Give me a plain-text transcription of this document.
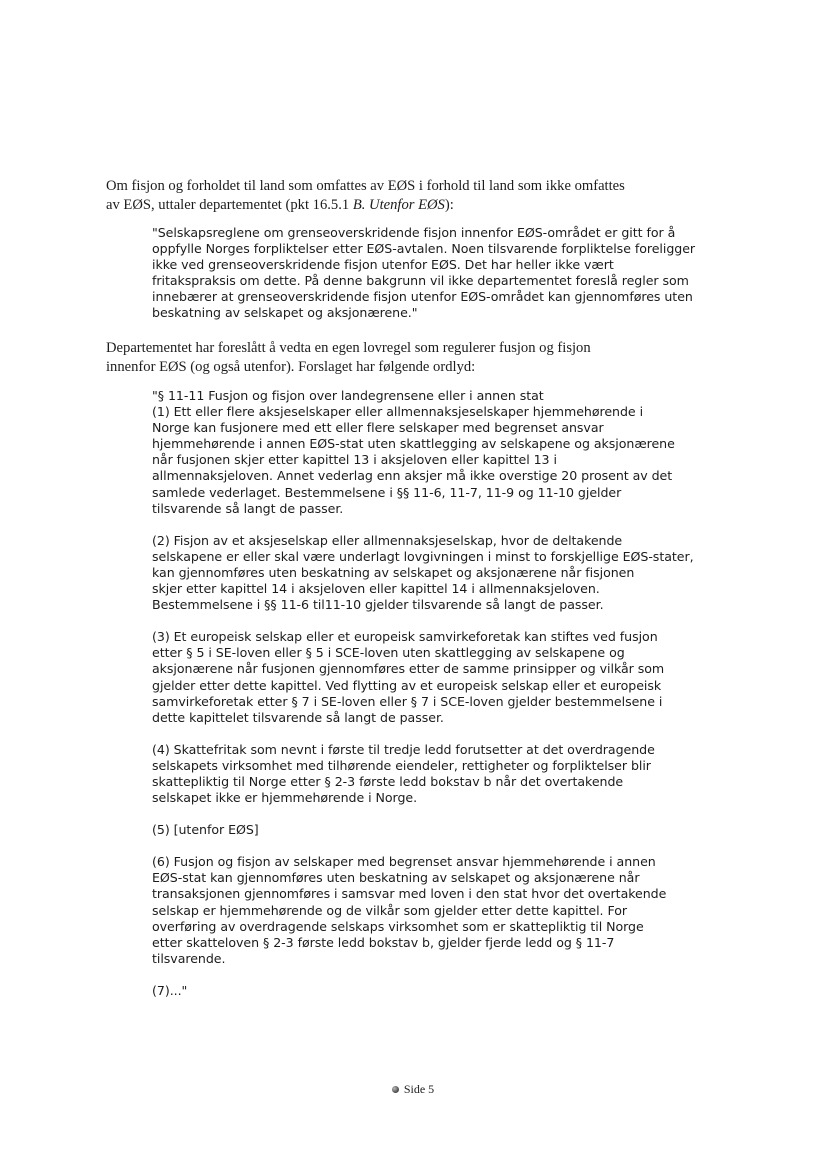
Om fisjon og forholdet til land som omfattes av EØS i forhold til land som ikke omfattes
av EØS, uttaler departementet (pkt 16.5.1 B. Utenfor EØS):

"Selskapsreglene om grenseoverskridende fisjon innenfor EØS-området er gitt for å
oppfylle Norges forpliktelser etter EØS-avtalen. Noen tilsvarende forpliktelse foreligger
ikke ved grenseoverskridende fisjon utenfor EØS. Det har heller ikke vært
fritakspraksis om dette. På denne bakgrunn vil ikke departementet foreslå regler som
innebærer at grenseoverskridende fisjon utenfor EØS-området kan gjennomføres uten
beskatning av selskapet og aksjonærene."

Departementet har foreslått å vedta en egen lovregel som regulerer fusjon og fisjon
innenfor EØS (og også utenfor). Forslaget har følgende ordlyd:

"§ 11-11 Fusjon og fisjon over landegrensene eller i annen stat

(1) Ett eller flere aksjeselskaper eller allmennaksjeselskaper hjemmehørende i
Norge kan fusjonere med ett eller flere selskaper med begrenset ansvar
hjemmehørende i annen EØS-stat uten skattlegging av selskapene og aksjonærene
når fusjonen skjer etter kapittel 13 i aksjeloven eller kapittel 13 i
allmennaksjeloven. Annet vederlag enn aksjer må ikke overstige 20 prosent av det
samlede vederlaget. Bestemmelsene i §§ 11-6, 11-7, 11-9 og 11-10 gjelder
tilsvarende så langt de passer.

(2) Fisjon av et aksjeselskap eller allmennaksjeselskap, hvor de deltakende
selskapene er eller skal være underlagt lovgivningen i minst to forskjellige EØS-stater,
kan gjennomføres uten beskatning av selskapet og aksjonærene når fisjonen
skjer etter kapittel 14 i aksjeloven eller kapittel 14 i allmennaksjeloven.
Bestemmelsene i §§ 11-6 til11-10 gjelder tilsvarende så langt de passer.

(3) Et europeisk selskap eller et europeisk samvirkeforetak kan stiftes ved fusjon
etter § 5 i SE-loven eller § 5 i SCE-loven uten skattlegging av selskapene og
aksjonærene når fusjonen gjennomføres etter de samme prinsipper og vilkår som
gjelder etter dette kapittel. Ved flytting av et europeisk selskap eller et europeisk
samvirkeforetak etter § 7 i SE-loven eller § 7 i SCE-loven gjelder bestemmelsene i
dette kapittelet tilsvarende så langt de passer.

(4) Skattefritak som nevnt i første til tredje ledd forutsetter at det overdragende
selskapets virksomhet med tilhørende eiendeler, rettigheter og forpliktelser blir
skattepliktig til Norge etter § 2-3 første ledd bokstav b når det overtakende
selskapet ikke er hjemmehørende i Norge.

(5) [utenfor EØS]

(6) Fusjon og fisjon av selskaper med begrenset ansvar hjemmehørende i annen
EØS-stat kan gjennomføres uten beskatning av selskapet og aksjonærene når
transaksjonen gjennomføres i samsvar med loven i den stat hvor det overtakende
selskap er hjemmehørende og de vilkår som gjelder etter dette kapittel. For
overføring av overdragende selskaps virksomhet som er skattepliktig til Norge
etter skatteloven § 2-3 første ledd bokstav b, gjelder fjerde ledd og § 11-7
tilsvarende.

(7)..."

Side 5
